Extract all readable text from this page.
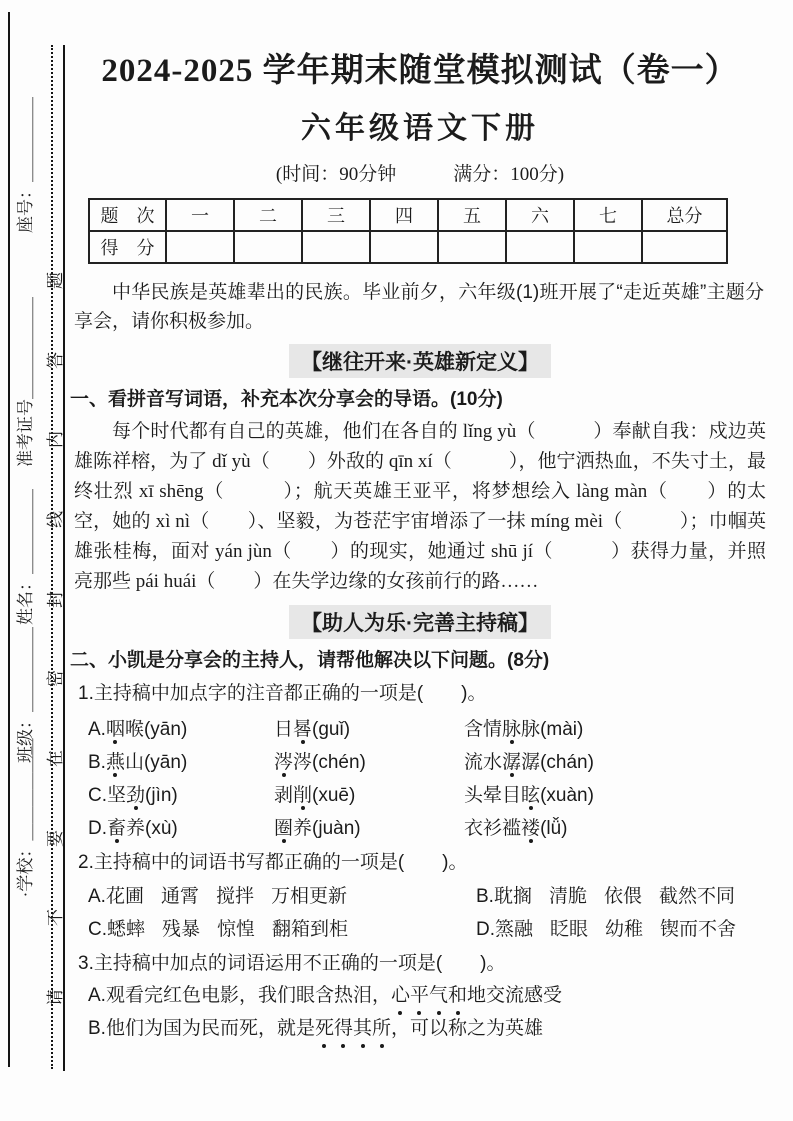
座号：＿＿＿＿＿
准考证号＿＿＿＿＿＿
姓名：＿＿＿＿＿
班级：＿＿＿＿＿
·学校：＿＿＿＿＿＿
题
答
内
线
封
密
在
要
不
请
2024-2025 学年期末随堂模拟测试（卷一）
六年级语文下册
(时间：90分钟　　　满分：100分)
题　次	一	二	三	四	五	六	七	总分
得　分								

中华民族是英雄辈出的民族。毕业前夕，六年级(1)班开展了“走近英雄”主题分享会，请你积极参加。

【继往开来·英雄新定义】
一、看拼音写词语，补充本次分享会的导语。(10分)

每个时代都有自己的英雄，他们在各自的 lǐng yù（　　　）奉献自我：戍边英雄陈祥榕，为了 dǐ yù（　　）外敌的 qīn xí（　　　），他宁洒热血，不失寸土，最终壮烈 xī shēng（　　　）；航天英雄王亚平，将梦想绘入 làng màn（　　）的太空，她的 xì nì（　　）、坚毅，为苍茫宇宙增添了一抹 míng mèi（　　　）；巾帼英雄张桂梅，面对 yán jùn（　　）的现实，她通过 shū jí（　　　）获得力量，并照亮那些 pái huái（　　）在失学边缘的女孩前行的路……

【助人为乐·完善主持稿】
二、小凯是分享会的主持人，请帮他解决以下问题。(8分)
1.主持稿中加点字的注音都正确的一项是(　　)。
A.咽喉(yān)	日晷(guǐ)	含情脉脉(mài)
B.燕山(yān)	涔涔(chén)	流水潺潺(chán)
C.坚劲(jìn)	剥削(xuē)	头晕目眩(xuàn)
D.畜养(xù)	圈养(juàn)	衣衫褴褛(lǚ)
2.主持稿中的词语书写都正确的一项是(　　)。
A.花圃 通霄 搅拌 万相更新	B.耽搁 清脆 依偎 截然不同
C.蟋蟀 残暴 惊惶 翻箱到柜	D.篜融 眨眼 幼稚 锲而不舍
3.主持稿中加点的词语运用不正确的一项是(　　)。
A.观看完红色电影，我们眼含热泪，心平气和地交流感受
B.他们为国为民而死，就是死得其所，可以称之为英雄
